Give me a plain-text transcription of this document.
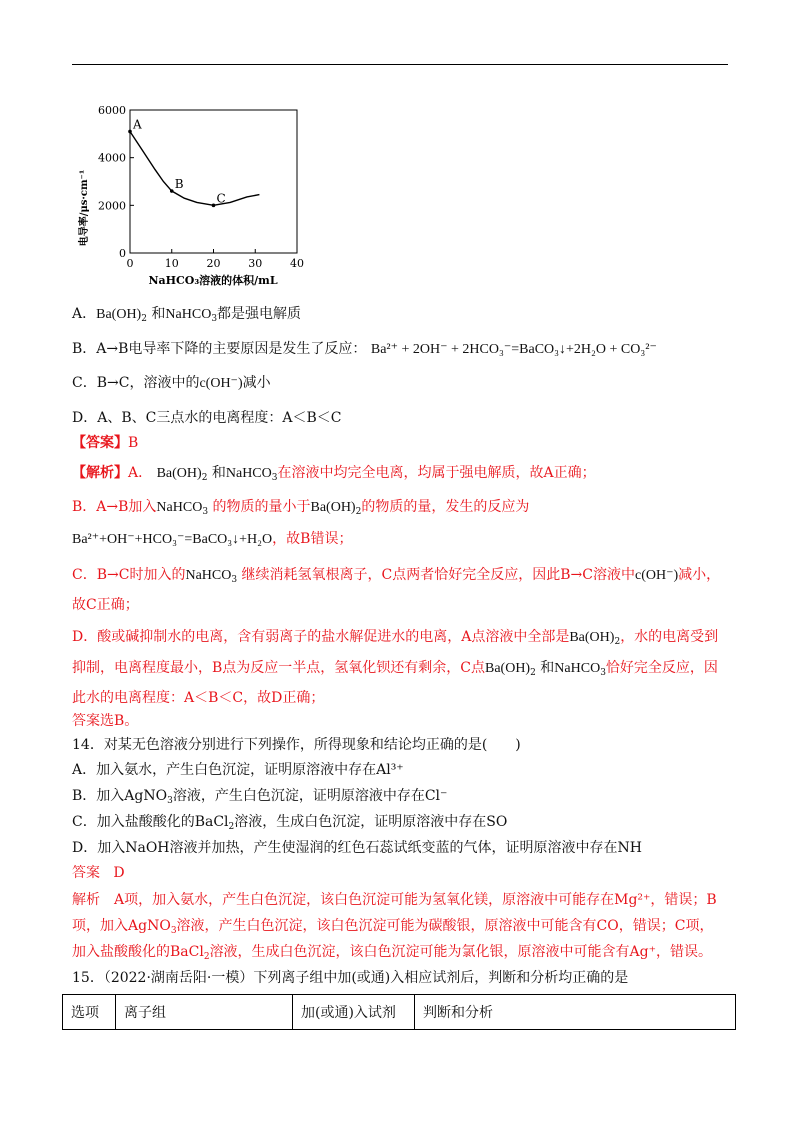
电导率/μs·cm⁻¹
0	10	20	30	40
0
2000
4000
6000
A
B
C
NaHCO₃溶液的体积/mL
A．$Ba(OH)_2$ 和NaHCO$_3$都是强电解质
B．A→B电导率下降的主要原因是发生了反应： Ba²⁺ + 2OH⁻ + 2HCO₃⁻=BaCO₃↓+2H₂O + CO₃²⁻
C．B→C，溶液中的c(OH⁻)减小
D．A、B、C三点水的电离程度：A＜B＜C
【答案】B
【解析】A． $Ba(OH)_2$ 和NaHCO$_3$在溶液中均完全电离，均属于强电解质，故A正确；
B．A→B加入NaHCO$_3$ 的物质的量小于$Ba(OH)_2$的物质的量，发生的反应为
Ba²⁺+OH⁻+HCO₃⁻=BaCO₃↓+H₂O，故B错误；
C．B→C时加入的NaHCO$_3$ 继续消耗氢氧根离子，C点两者恰好完全反应，因此B→C溶液中c(OH⁻)减小，
故C正确；
D．酸或碱抑制水的电离，含有弱离子的盐水解促进水的电离，A点溶液中全部是$Ba(OH)_2$，水的电离受到
抑制，电离程度最小，B点为反应一半点，氢氧化钡还有剩余，C点$Ba(OH)_2$ 和NaHCO$_3$恰好完全反应，因
此水的电离程度：A＜B＜C，故D正确；
答案选B。
14．对某无色溶液分别进行下列操作，所得现象和结论均正确的是(　　)
A．加入氨水，产生白色沉淀，证明原溶液中存在Al³⁺
B．加入AgNO$_3$溶液，产生白色沉淀，证明原溶液中存在Cl⁻
C．加入盐酸酸化的BaCl$_2$溶液，生成白色沉淀，证明原溶液中存在SO
D．加入NaOH溶液并加热，产生使湿润的红色石蕊试纸变蓝的气体，证明原溶液中存在NH
答案 D
解析　A项，加入氨水，产生白色沉淀，该白色沉淀可能为氢氧化镁，原溶液中可能存在Mg²⁺，错误；B
项，加入AgNO$_3$溶液，产生白色沉淀，该白色沉淀可能为碳酸银，原溶液中可能含有CO，错误；C项，
加入盐酸酸化的BaCl$_2$溶液，生成白色沉淀，该白色沉淀可能为氯化银，原溶液中可能含有Ag⁺，错误。
15．（2022·湖南岳阳·一模）下列离子组中加(或通)入相应试剂后，判断和分析均正确的是
选项	离子组	加(或通)入试剂	判断和分析
